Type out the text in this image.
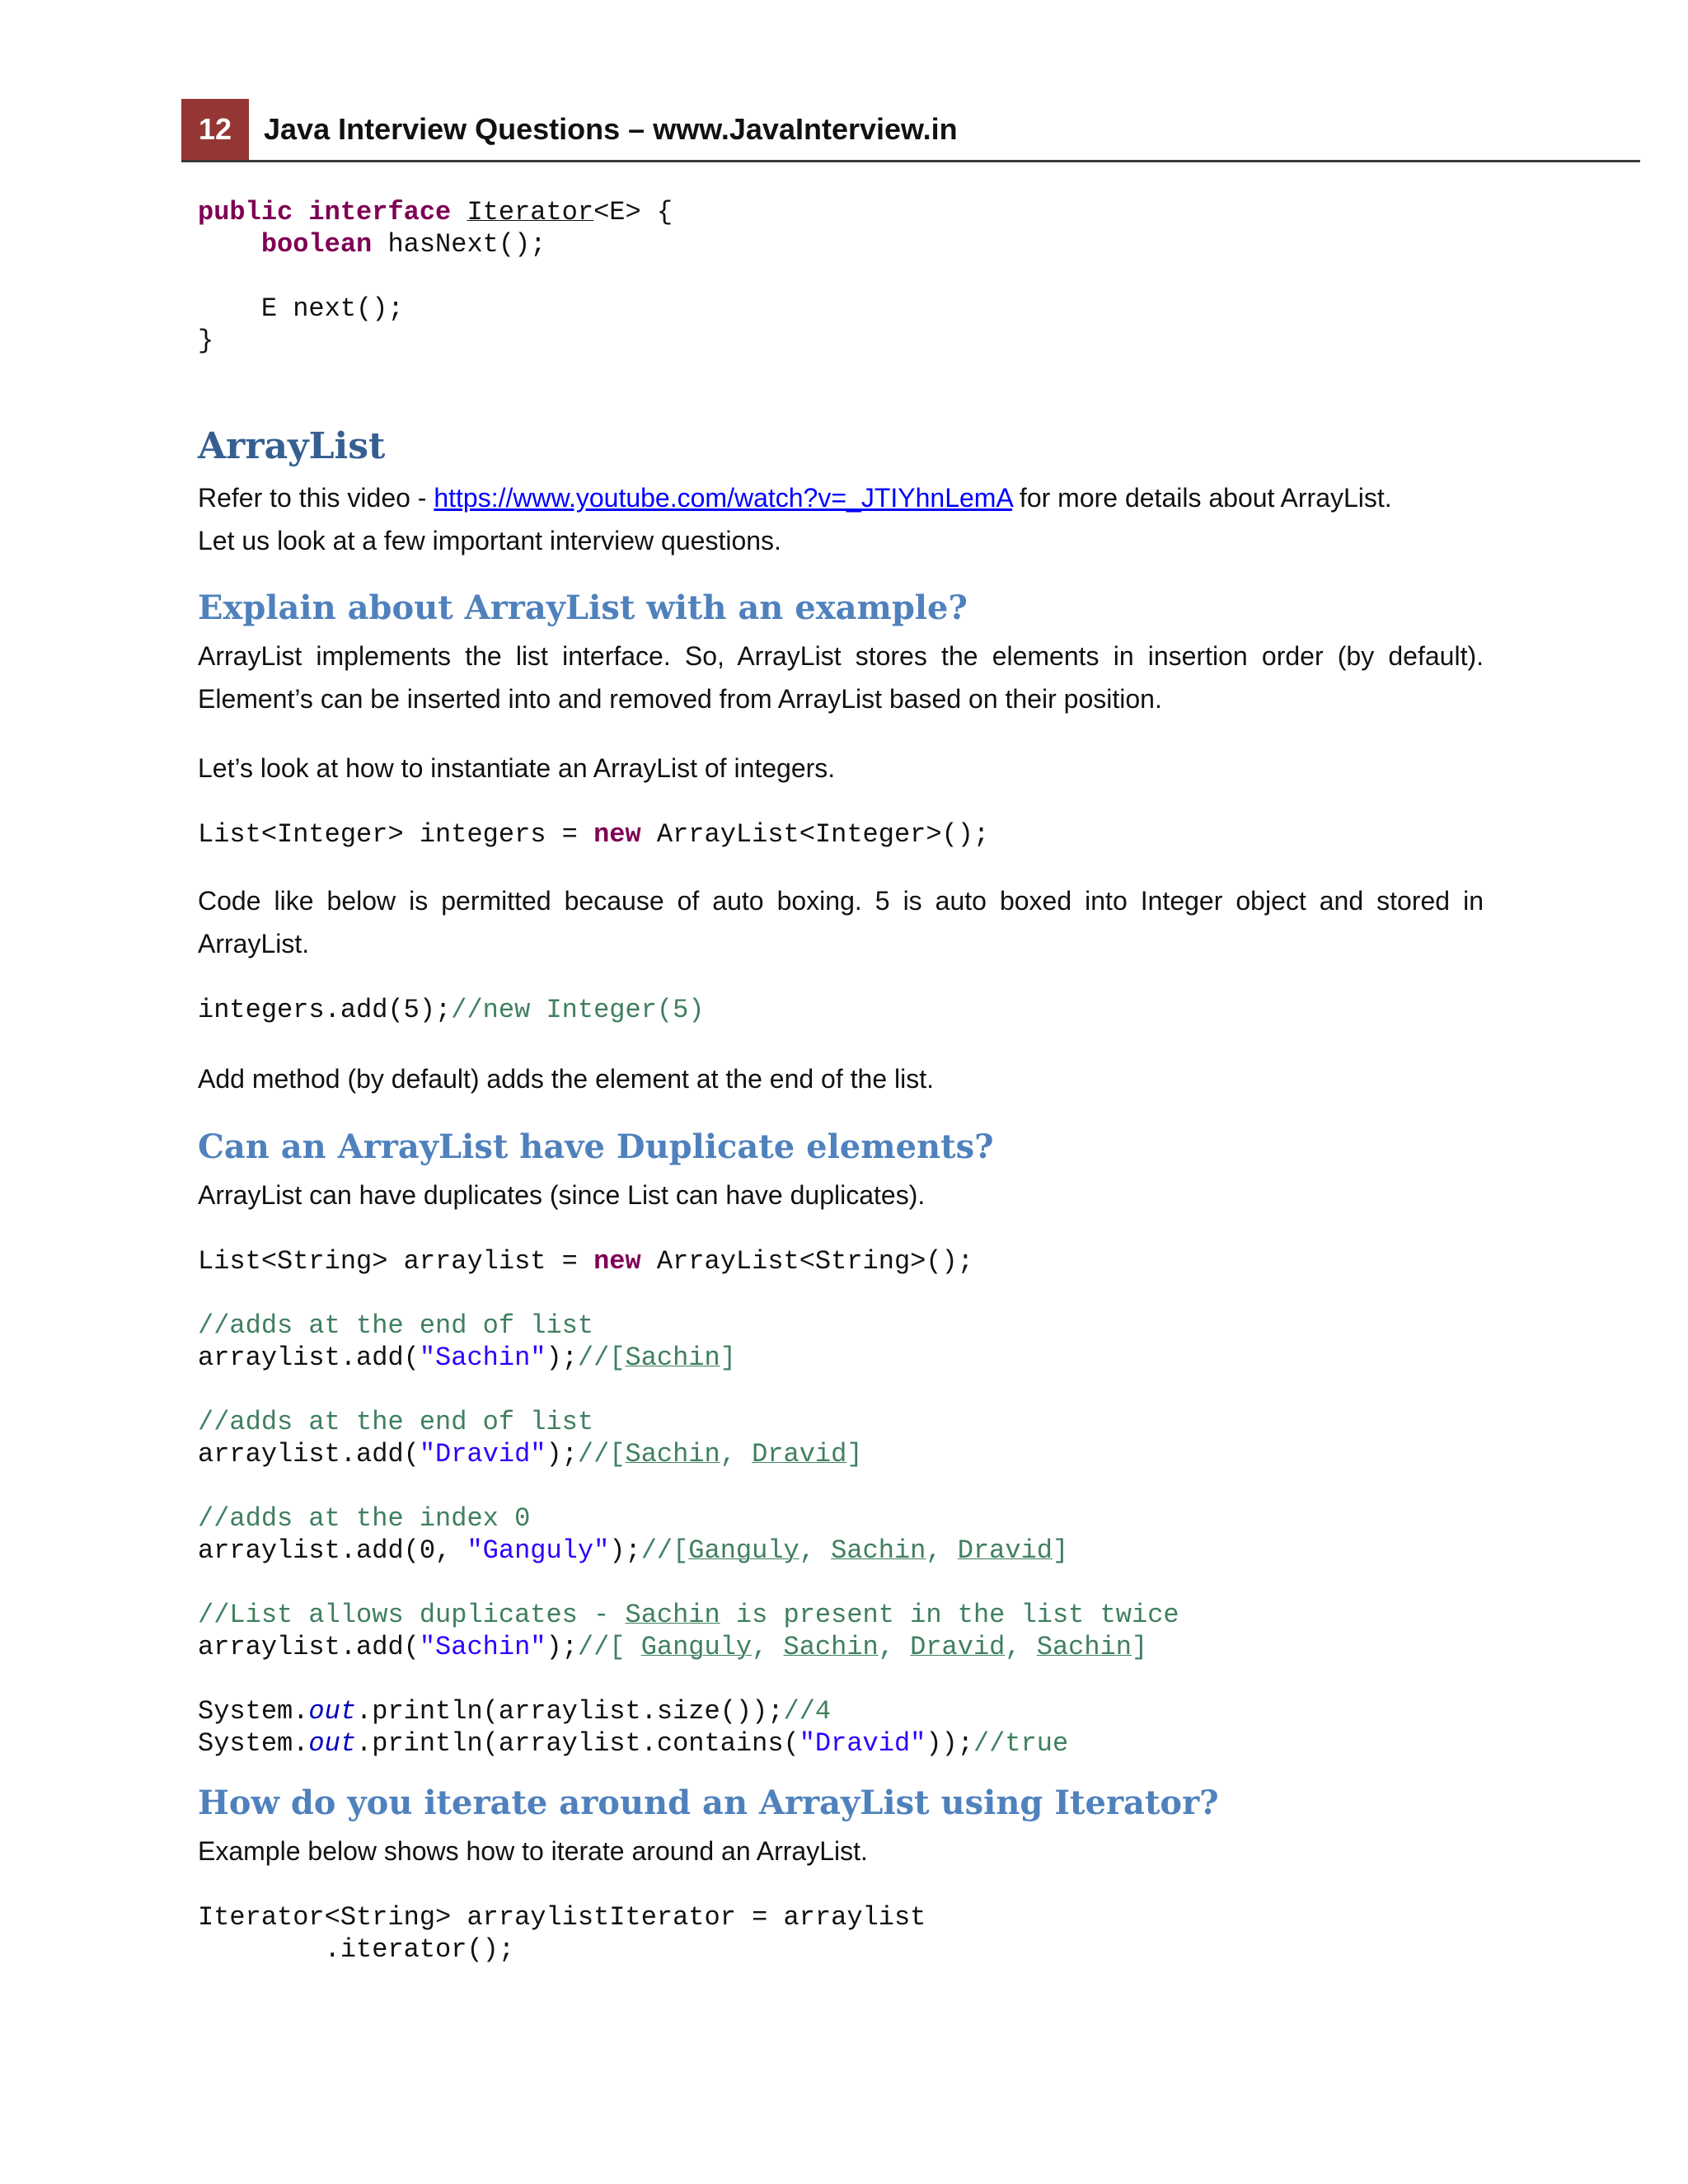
12	Java Interview Questions – www.JavaInterview.in
public interface Iterator<E> {
boolean hasNext();

E next();
}
ArrayList
Refer to this video - https://www.youtube.com/watch?v=_JTIYhnLemA for more details about ArrayList.
Let us look at a few important interview questions.
Explain about ArrayList with an example?
ArrayList implements the list interface. So, ArrayList stores the elements in insertion order (by default). Element’s can be inserted into and removed from ArrayList based on their position.
Let’s look at how to instantiate an ArrayList of integers.
List<Integer> integers = new ArrayList<Integer>();
Code like below is permitted because of auto boxing. 5 is auto boxed into Integer object and stored in ArrayList.
integers.add(5);//new Integer(5)
Add method (by default) adds the element at the end of the list.
Can an ArrayList have Duplicate elements?
ArrayList can have duplicates (since List can have duplicates).
List<String> arraylist = new ArrayList<String>();

//adds at the end of list
arraylist.add("Sachin");//[Sachin]

//adds at the end of list
arraylist.add("Dravid");//[Sachin, Dravid]

//adds at the index 0
arraylist.add(0, "Ganguly");//[Ganguly, Sachin, Dravid]

//List allows duplicates - Sachin is present in the list twice
arraylist.add("Sachin");//[ Ganguly, Sachin, Dravid, Sachin]

System.out.println(arraylist.size());//4
System.out.println(arraylist.contains("Dravid"));//true
How do you iterate around an ArrayList using Iterator?
Example below shows how to iterate around an ArrayList.
Iterator<String> arraylistIterator = arraylist
.iterator();
